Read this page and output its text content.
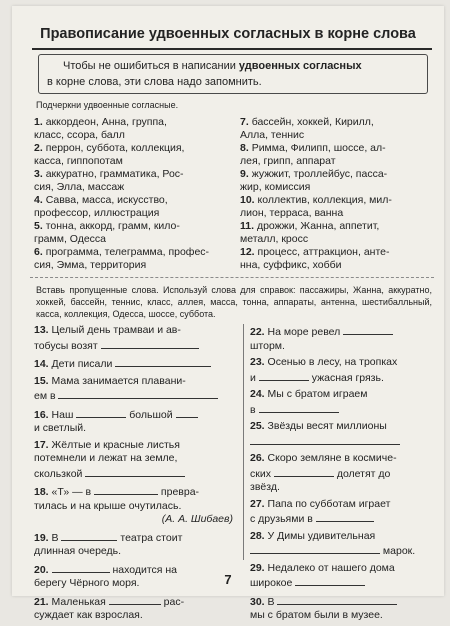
Правописание удвоенных согласных в корне слова
Чтобы не ошибиться в написании удвоенных согласных
в корне слова, эти слова надо запомнить.
Подчеркни удвоенные согласные.
1. аккордеон, Анна, группа,
класс, ссора, балл
2. перрон, суббота, коллекция,
касса, гиппопотам
3. аккуратно, грамматика, Рос-
сия, Элла, массаж
4. Савва, масса, искусство,
профессор, иллюстрация
5. тонна, аккорд, грамм, кило-
грамм, Одесса
6. программа, телеграмма, профес-
сия, Эмма, территория
7. бассейн, хоккей, Кирилл,
Алла, теннис
8. Римма, Филипп, шоссе, ал-
лея, грипп, аппарат
9. жужжит, троллейбус, пасса-
жир, комиссия
10. коллектив, коллекция, мил-
лион, терраса, ванна
11. дрожжи, Жанна, аппетит,
металл, кросс
12. процесс, аттракцион, анте-
нна, суффикс, хобби
Вставь пропущенные слова. Используй слова для справок: пассажиры, Жанна, аккуратно, хоккей, бассейн, теннис, класс, аллея, масса, тонна, аппараты, антенна, шестибалльный, касса, коллекция, Одесса, шоссе, суббота.
13. Целый день трамваи и ав-
тобусы возят
14. Дети писали
15. Мама занимается плавани-
ем в
16. Наш	большой
и светлый.
17. Жёлтые и красные листья
потемнели и лежат на земле,
скользкой
18. «Т» — в	преврa-
тилась и на крыше очутилась.

(А. А. Шибаев)
19. В	театра стоит
длинная очередь.
20.	находится на
берегу Чёрного моря.
21. Маленькая	рас-
суждает как взрослая.
22. На море ревел
шторм.
23. Осенью в лесу, на тропках
и	ужасная грязь.
24. Мы с братом играем
в
25. Звёзды весят миллионы

26. Скоро земляне в космиче-
ских	долетят до
звёзд.
27. Папа по субботам играет
с друзьями в
28. У Димы удивительная
марок.
29. Недалеко от нашего дома
широкое
30. В
мы с братом были в музее.
7
